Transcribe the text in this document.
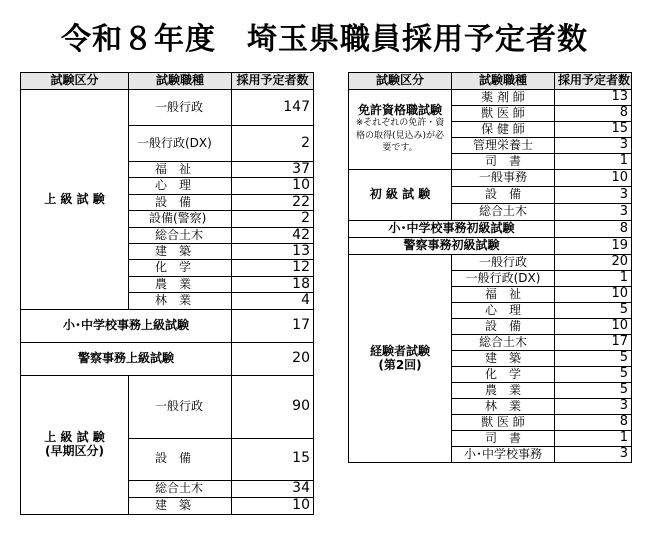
令和８年度　埼玉県職員採用予定者数
試験区分	試験職種	採用予定者数
上 級 試 験	一般行政	147
	一般行政(DX)	2
	福　祉	37
	心　理	10
	設　備	22
	設備(警察)	2
	総合土木	42
	建　築	13
	化　学	12
	農　業	18
	林　業	4
小･中学校事務上級試験		17
警察事務上級試験		20
上 級 試 験
(早期区分)	一般行政	90
	設　備	15
	総合土木	34
	建　築	10
試験区分	試験職種	採用予定者数
免許資格職試験
※それぞれの免許・資格の取得(見込み)が必要です。	薬 剤 師	13
	獣 医 師	8
	保 健 師	15
	管理栄養士	3
	司　書	1
初 級 試 験	一般事務	10
	設　備	3
	総合土木	3
小･中学校事務初級試験		8
警察事務初級試験		19
経験者試験
(第2回)	一般行政	20
	一般行政(DX)	1
	福　祉	10
	心　理	5
	設　備	10
	総合土木	17
	建　築	5
	化　学	5
	農　業	5
	林　業	3
	獣 医 師	8
	司　書	1
	小･中学校事務	3
